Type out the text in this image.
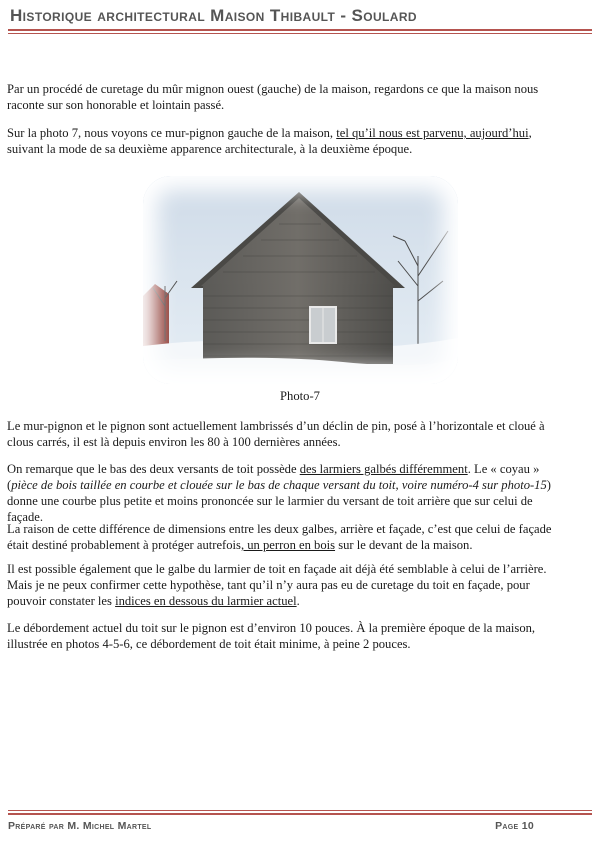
Historique architectural Maison Thibault - Soulard

Par un procédé de curetage du mûr mignon ouest (gauche) de la maison, regardons ce que la maison nous raconte sur son honorable et lointain passé.

Sur la photo 7, nous voyons ce mur-pignon gauche de la maison, tel qu’il nous est parvenu, aujourd’hui, suivant la mode de sa deuxième apparence architecturale, à la deuxième époque.

Photo-7

Le mur-pignon et le pignon sont actuellement lambrissés d’un déclin de pin, posé à l’horizontale et cloué à clous carrés, il est là depuis environ les 80 à 100 dernières années.

On remarque que le bas des deux versants de toit possède des larmiers galbés différemment. Le « coyau » (pièce de bois taillée en courbe et clouée sur le bas de chaque versant du toit, voire numéro-4 sur photo-15) donne une courbe plus petite et moins prononcée sur le larmier du versant de toit arrière que sur celui de façade.

La raison de cette différence de dimensions entre les deux galbes, arrière et façade, c’est que celui de façade était destiné probablement à protéger autrefois, un perron en bois sur le devant de la maison.

Il est possible également que le galbe du larmier de toit en façade ait déjà été semblable à celui de l’arrière. Mais je ne peux confirmer cette hypothèse, tant qu’il n’y aura pas eu de curetage du toit en façade, pour pouvoir constater les indices en dessous du larmier actuel.

Le débordement actuel du toit sur le pignon est d’environ 10 pouces. À la première époque de la maison, illustrée en photos 4-5-6, ce débordement de toit était minime, à peine 2 pouces.

Préparé par M. Michel Martel	Page 10
